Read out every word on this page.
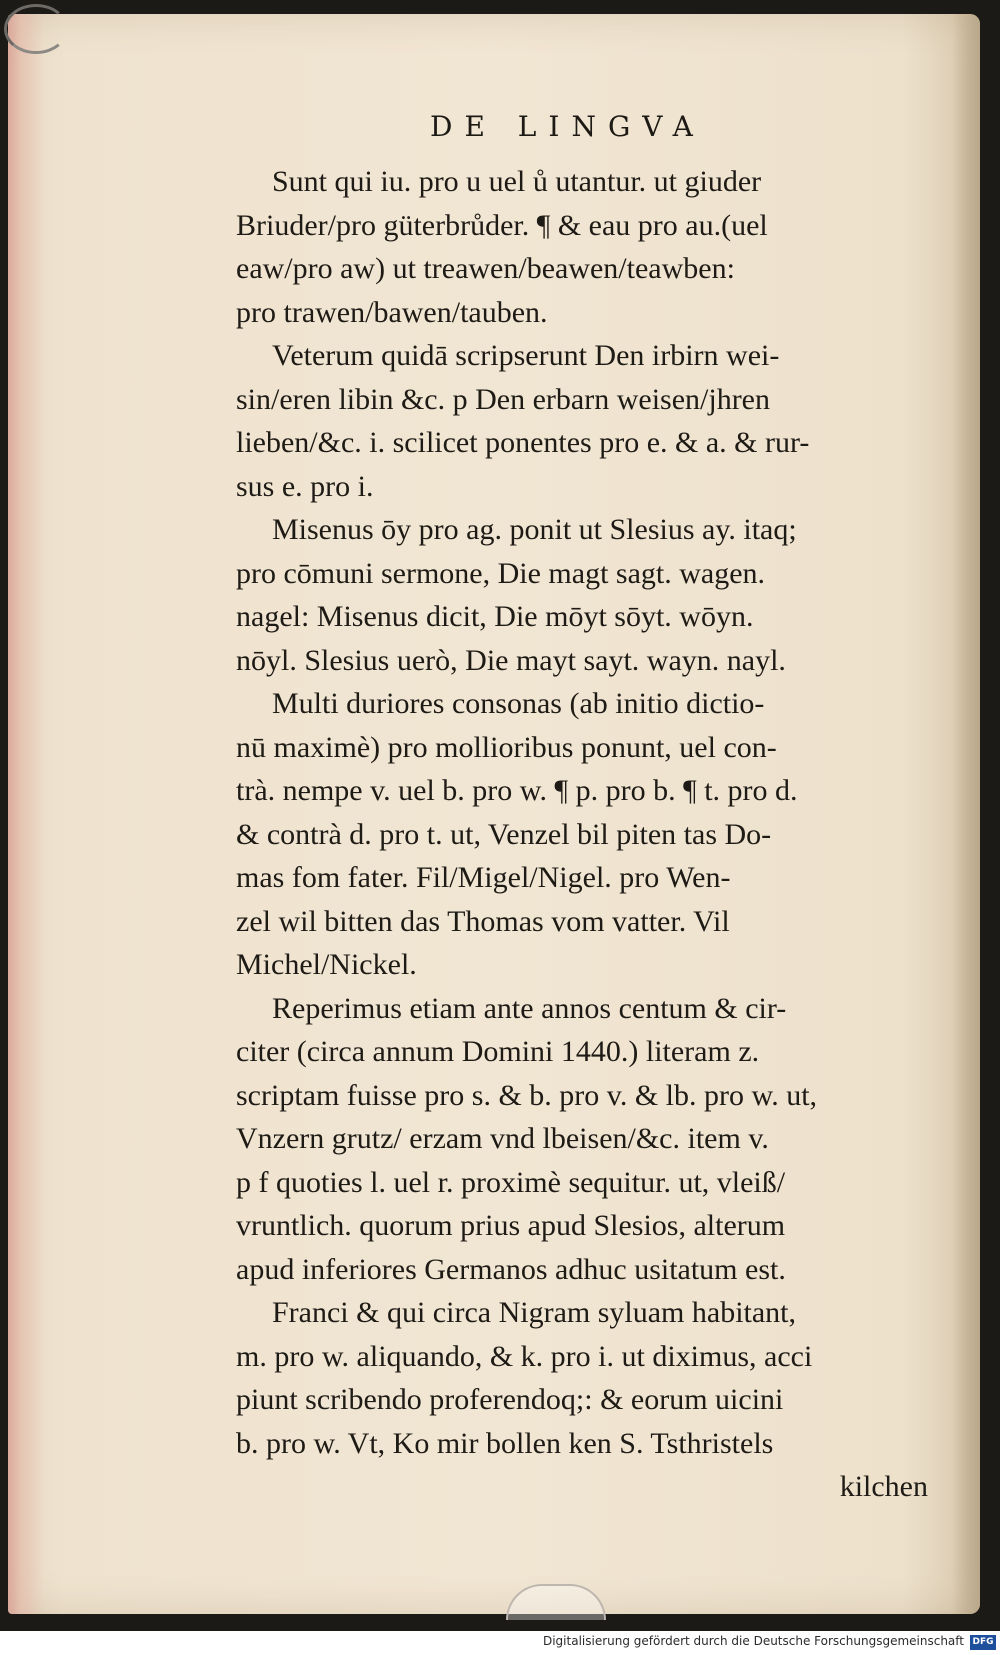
DE LINGVA
Sunt qui iu. pro u uel ů utantur. ut giuder
Briuder/pro güterbrůder. ¶ & eau pro au.(uel
eaw/pro aw) ut treawen/beawen/teawben:
pro trawen/bawen/tauben.
Veterum quidā scripserunt Den irbirn wei-
sin/eren libin &c. p Den erbarn weisen/jhren
lieben/&c. i. scilicet ponentes pro e. & a. & rur-
sus e. pro i.
Misenus ōy pro ag. ponit ut Slesius ay. itaq;
pro cōmuni sermone, Die magt sagt. wagen.
nagel: Misenus dicit, Die mōyt sōyt. wōyn.
nōyl. Slesius uerò, Die mayt sayt. wayn. nayl.
Multi duriores consonas (ab initio dictio-
nū maximè) pro mollioribus ponunt, uel con-
trà. nempe v. uel b. pro w. ¶ p. pro b. ¶ t. pro d.
& contrà d. pro t. ut, Venzel bil piten tas Do-
mas fom fater. Fil/Migel/Nigel. pro Wen-
zel wil bitten das Thomas vom vatter. Vil
Michel/Nickel.
Reperimus etiam ante annos centum & cir-
citer (circa annum Domini 1440.) literam z.
scriptam fuisse pro s. & b. pro v. & lb. pro w. ut,
Vnzern grutz/ erzam vnd lbeisen/&c. item v.
p f quoties l. uel r. proximè sequitur. ut, vleiß/
vruntlich. quorum prius apud Slesios, alterum
apud inferiores Germanos adhuc usitatum est.
Franci & qui circa Nigram syluam habitant,
m. pro w. aliquando, & k. pro i. ut diximus, acci
piunt scribendo proferendoq;: & eorum uicini
b. pro w. Vt, Ko mir bollen ken S. Tsthristels
kilchen
Digitalisierung gefördert durch die Deutsche Forschungsgemeinschaft DFG
